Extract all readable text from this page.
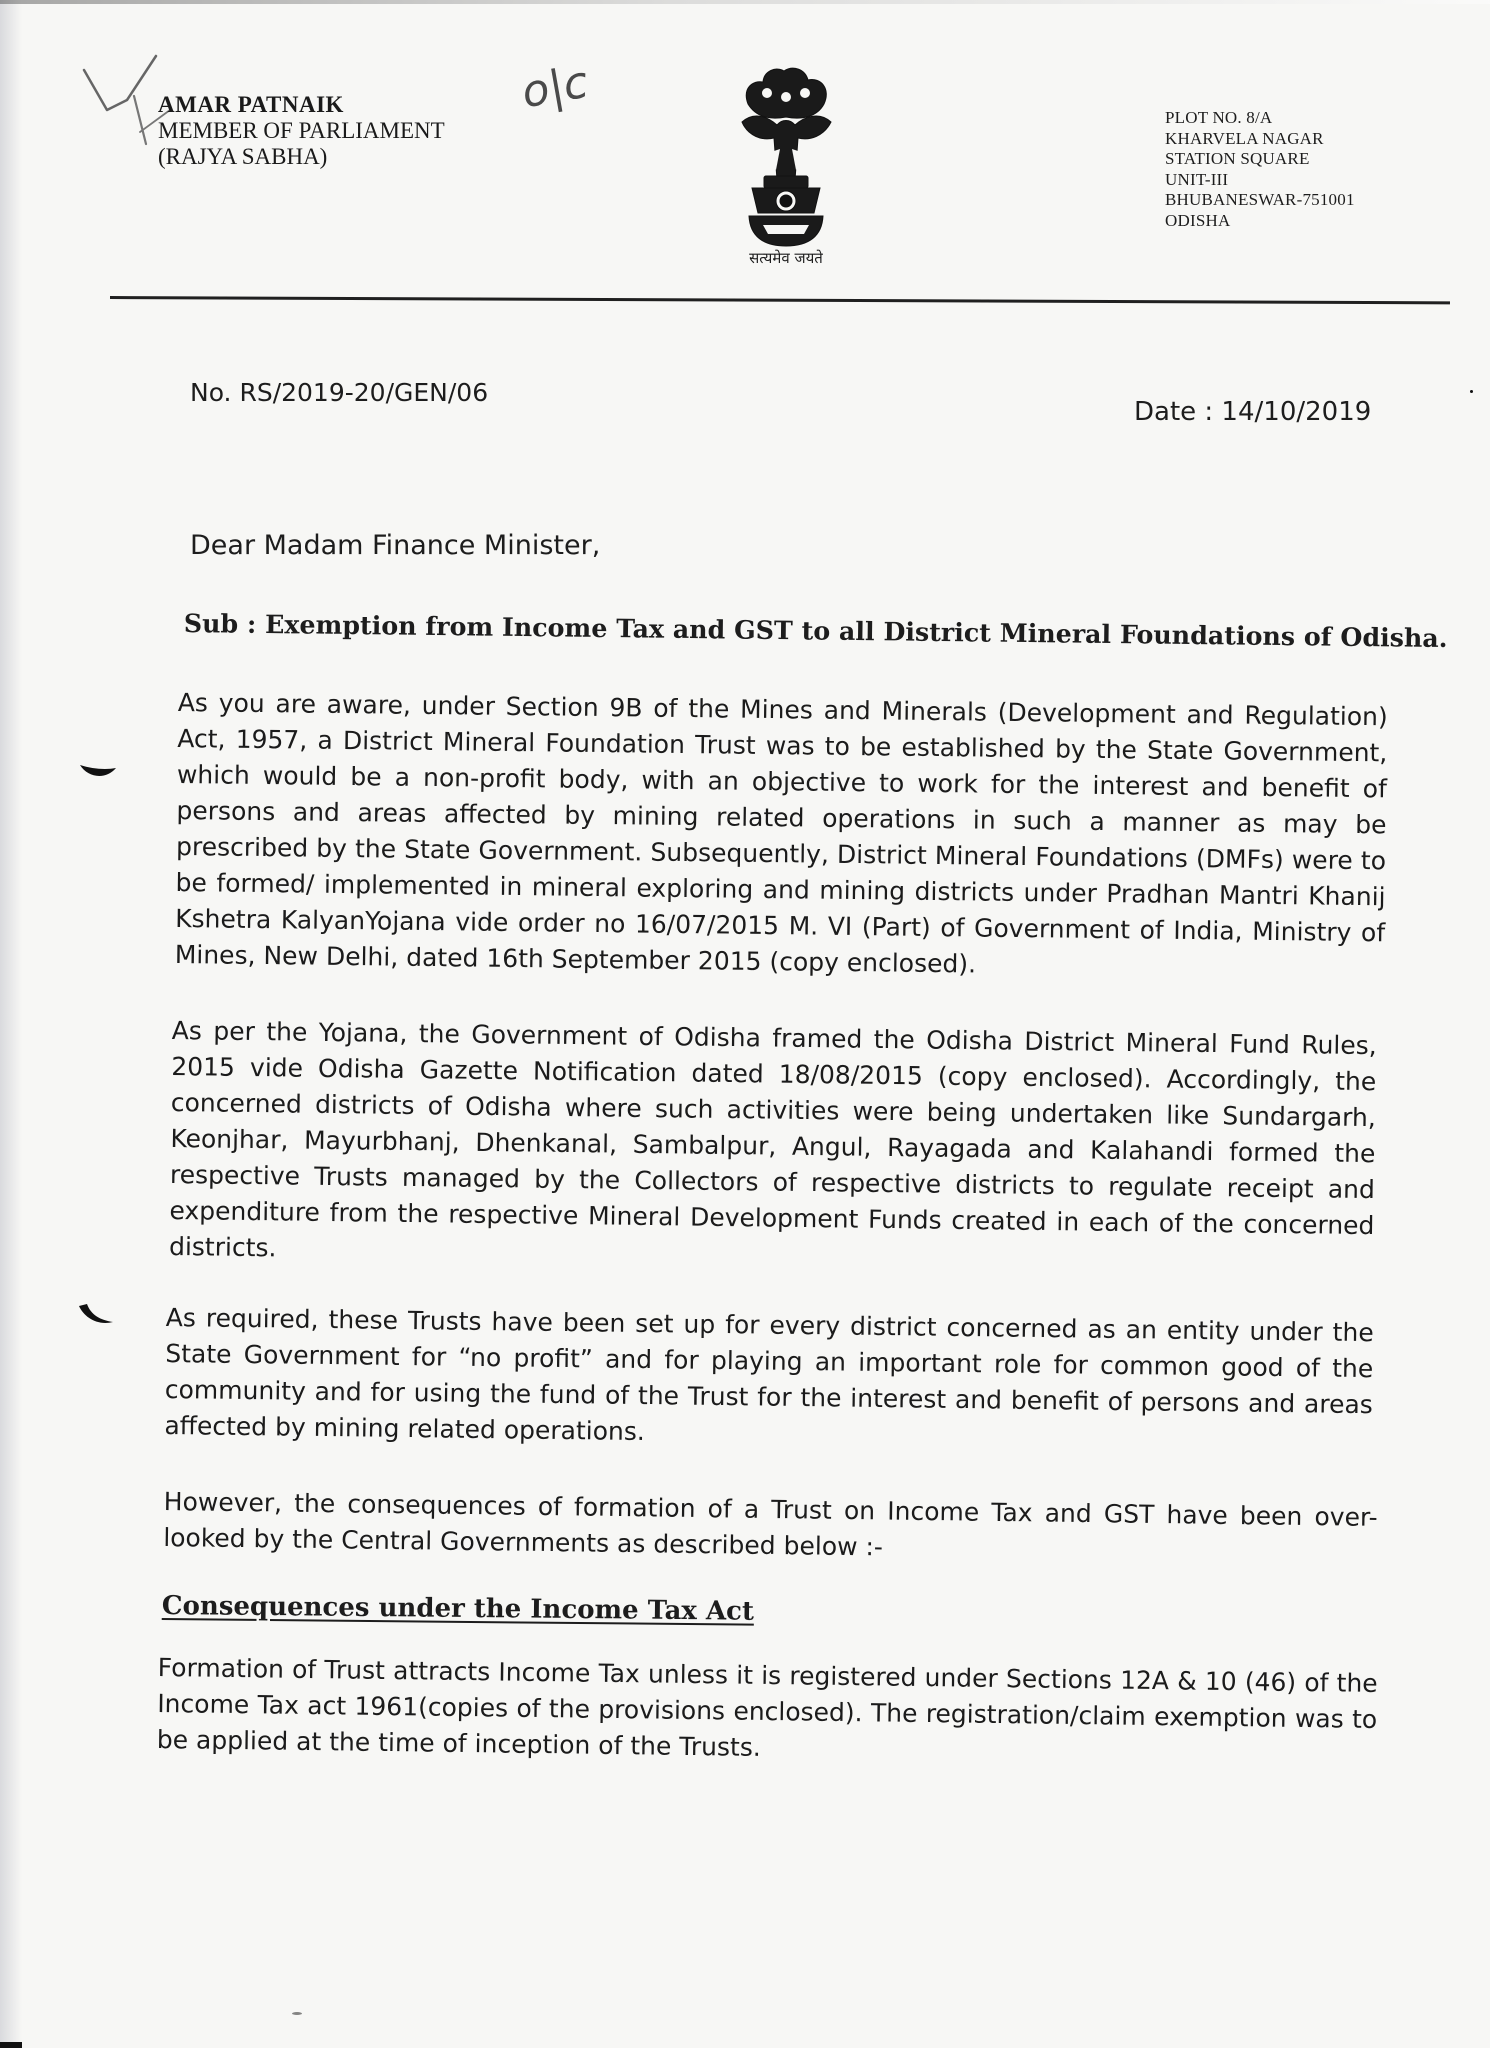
o|c
AMAR PATNAIK
MEMBER OF PARLIAMENT
(RAJYA SABHA)
सत्यमेव जयते
PLOT NO. 8/A
KHARVELA NAGAR
STATION SQUARE
UNIT-III
BHUBANESWAR-751001
ODISHA
No. RS/2019-20/GEN/06
Date : 14/10/2019
Dear Madam Finance Minister,
Sub : Exemption from Income Tax and GST to all District Mineral Foundations of Odisha.
As you are aware, under Section 9B of the Mines and Minerals (Development and Regulation) Act, 1957, a District Mineral Foundation Trust was to be established by the State Government, which would be a non-profit body, with an objective to work for the interest and benefit of persons and areas affected by mining related operations in such a manner as may be prescribed by the State Government. Subsequently, District Mineral Foundations (DMFs) were to be formed/ implemented in mineral exploring and mining districts under Pradhan Mantri Khanij Kshetra KalyanYojana vide order no 16/07/2015 M. VI (Part) of Government of India, Ministry of Mines, New Delhi, dated 16th September 2015 (copy enclosed).
As per the Yojana, the Government of Odisha framed the Odisha District Mineral Fund Rules, 2015 vide Odisha Gazette Notification dated 18/08/2015 (copy enclosed). Accordingly, the concerned districts of Odisha where such activities were being undertaken like Sundargarh, Keonjhar, Mayurbhanj, Dhenkanal, Sambalpur, Angul, Rayagada and Kalahandi formed the respective Trusts managed by the Collectors of respective districts to regulate receipt and expenditure from the respective Mineral Development Funds created in each of the concerned districts.
As required, these Trusts have been set up for every district concerned as an entity under the State Government for “no profit” and for playing an important role for common good of the community and for using the fund of the Trust for the interest and benefit of persons and areas affected by mining related operations.
However, the consequences of formation of a Trust on Income Tax and GST have been over-looked by the Central Governments as described below :-
Consequences under the Income Tax Act
Formation of Trust attracts Income Tax unless it is registered under Sections 12A & 10 (46) of the Income Tax act 1961(copies of the provisions enclosed). The registration/claim exemption was to be applied at the time of inception of the Trusts.
